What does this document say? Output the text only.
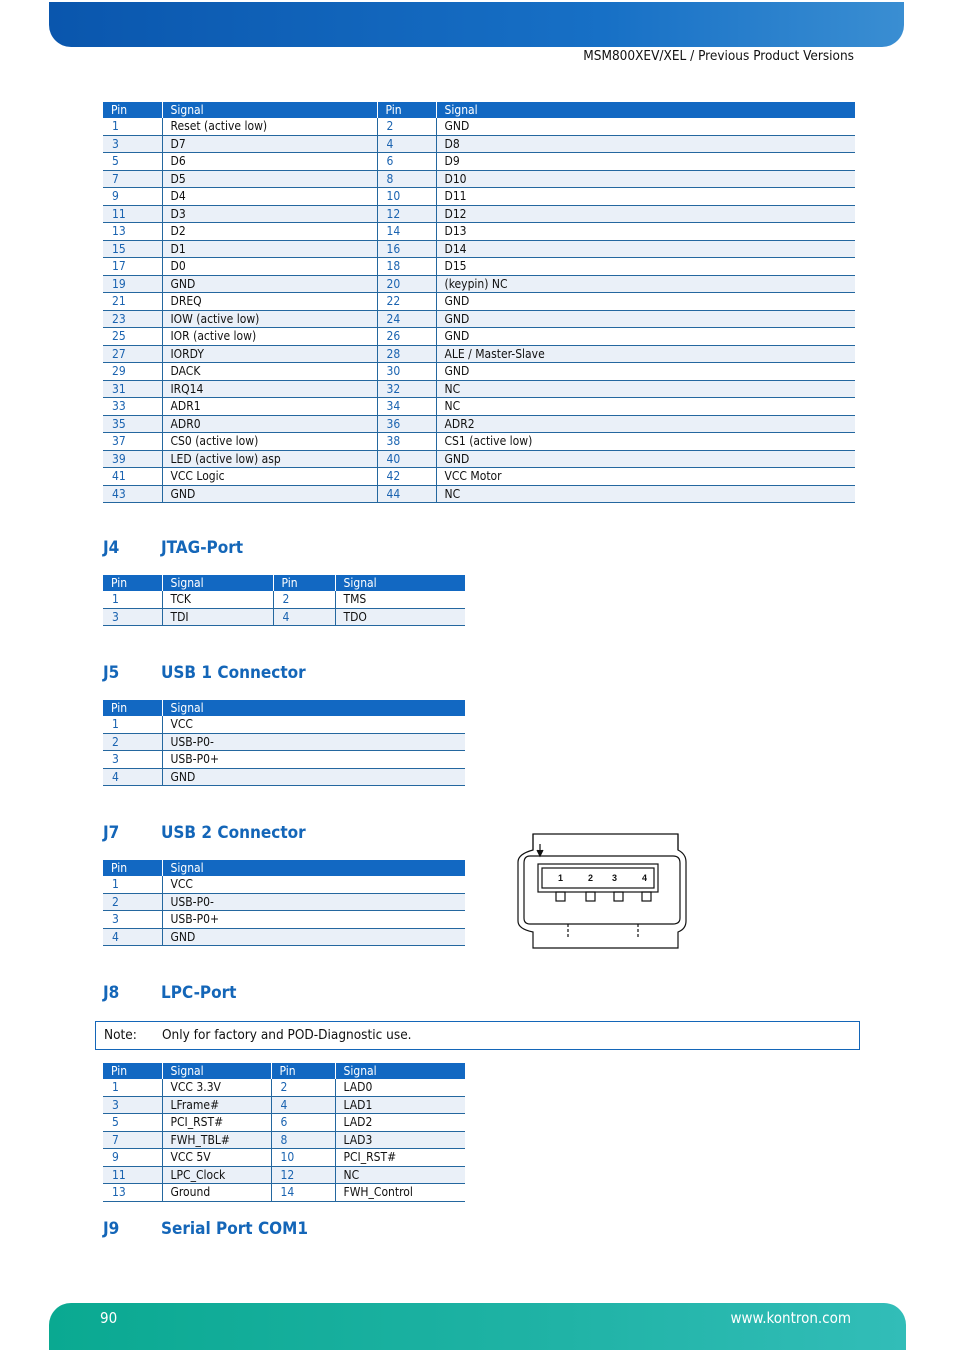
MSM800XEV/XEL / Previous Product Versions
Pin	Signal	Pin	Signal
1	Reset (active low)	2	GND
3	D7	4	D8
5	D6	6	D9
7	D5	8	D10
9	D4	10	D11
11	D3	12	D12
13	D2	14	D13
15	D1	16	D14
17	D0	18	D15
19	GND	20	(keypin) NC
21	DREQ	22	GND
23	IOW (active low)	24	GND
25	IOR (active low)	26	GND
27	IORDY	28	ALE / Master-Slave
29	DACK	30	GND
31	IRQ14	32	NC
33	ADR1	34	NC
35	ADR0	36	ADR2
37	CS0 (active low)	38	CS1 (active low)
39	LED (active low) asp	40	GND
41	VCC Logic	42	VCC Motor
43	GND	44	NC
J4 JTAG-Port
Pin	Signal	Pin	Signal
1	TCK	2	TMS
3	TDI	4	TDO
J5 USB 1 Connector
Pin	Signal
1	VCC
2	USB-P0-
3	USB-P0+
4	GND
J7 USB 2 Connector
Pin	Signal
1	VCC
2	USB-P0-
3	USB-P0+
4	GND
1	2 3	4
J8 LPC-Port
Note: Only for factory and POD-Diagnostic use.
Pin	Signal	Pin	Signal
1	VCC 3.3V	2	LAD0
3	LFrame#	4	LAD1
5	PCI_RST#	6	LAD2
7	FWH_TBL#	8	LAD3
9	VCC 5V	10	PCI_RST#
11	LPC_Clock	12	NC
13	Ground	14	FWH_Control
J9 Serial Port COM1
90	www.kontron.com
